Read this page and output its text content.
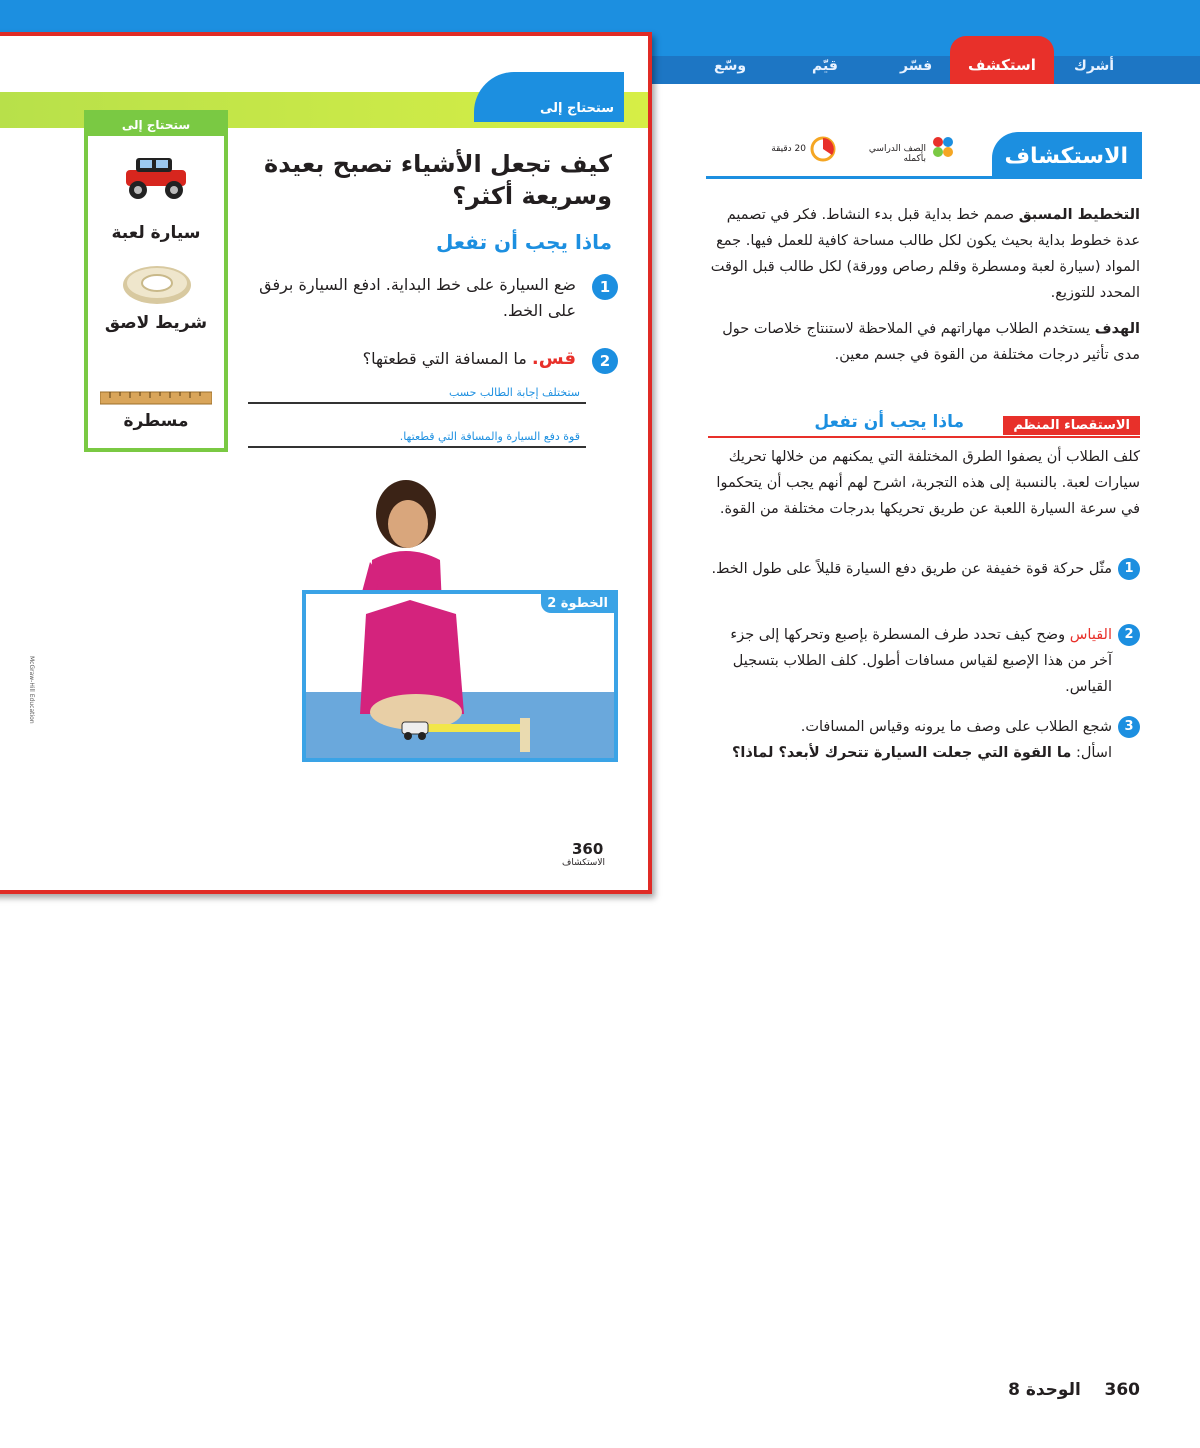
أشرك
استكشف
فسّر
قيّم
وسّع
ستحتاج إلى
ستحتاج إلى
سيارة لعبة
شريط لاصق
مسطرة
كيف تجعل الأشياء تصبح بعيدة وسريعة أكثر؟
ماذا يجب أن تفعل
1
ضع السيارة على خط البداية. ادفع السيارة برفق على الخط.
2
قس. ما المسافة التي قطعتها؟
ستختلف إجابة الطالب حسب
قوة دفع السيارة والمسافة التي قطعتها.
الخطوة 2
McGraw-Hill Education
360
الاستكشاف
الاستكشاف
الصف الدراسي
بأكمله
20 دقيقة
التخطيط المسبق صمم خط بداية قبل بدء النشاط. فكر في تصميم عدة خطوط بداية بحيث يكون لكل طالب مساحة كافية للعمل فيها. جمع المواد (سيارة لعبة ومسطرة وقلم رصاص وورقة) لكل طالب قبل الوقت المحدد للتوزيع.
الهدف يستخدم الطلاب مهاراتهم في الملاحظة لاستنتاج خلاصات حول مدى تأثير درجات مختلفة من القوة في جسم معين.
الاستقصاء المنظم
ماذا يجب أن تفعل
كلف الطلاب أن يصفوا الطرق المختلفة التي يمكنهم من خلالها تحريك سيارات لعبة. بالنسبة إلى هذه التجربة، اشرح لهم أنهم يجب أن يتحكموا في سرعة السيارة اللعبة عن طريق تحريكها بدرجات مختلفة من القوة.
1
مثّل حركة قوة خفيفة عن طريق دفع السيارة قليلاً على طول الخط.
2
القياس وضح كيف تحدد طرف المسطرة بإصبع وتحركها إلى جزء آخر من هذا الإصبع لقياس مسافات أطول. كلف الطلاب بتسجيل القياس.
3
شجع الطلاب على وصف ما يرونه وقياس المسافات.
اسأل: ما القوة التي جعلت السيارة تتحرك لأبعد؟ لماذا؟
360    الوحدة 8
